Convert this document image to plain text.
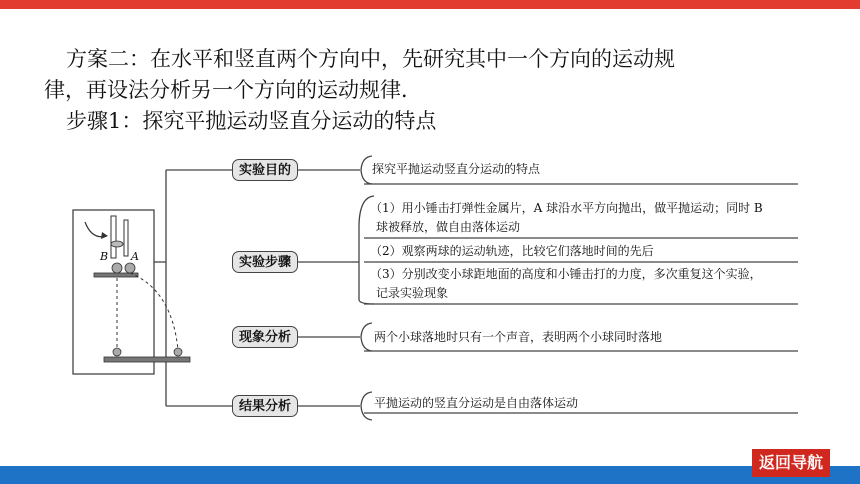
方案二：在水平和竖直两个方向中，先研究其中一个方向的运动规
律，再设法分析另一个方向的运动规律．
步骤1：探究平抛运动竖直分运动的特点
B A
实验目的
实验步骤
现象分析
结果分析
探究平抛运动竖直分运动的特点
（1）用小锤击打弹性金属片，A 球沿水平方向抛出，做平抛运动；同时 B
球被释放，做自由落体运动
（2）观察两球的运动轨迹，比较它们落地时间的先后
（3）分别改变小球距地面的高度和小锤击打的力度，多次重复这个实验，
记录实验现象
两个小球落地时只有一个声音，表明两个小球同时落地
平抛运动的竖直分运动是自由落体运动
返回导航
